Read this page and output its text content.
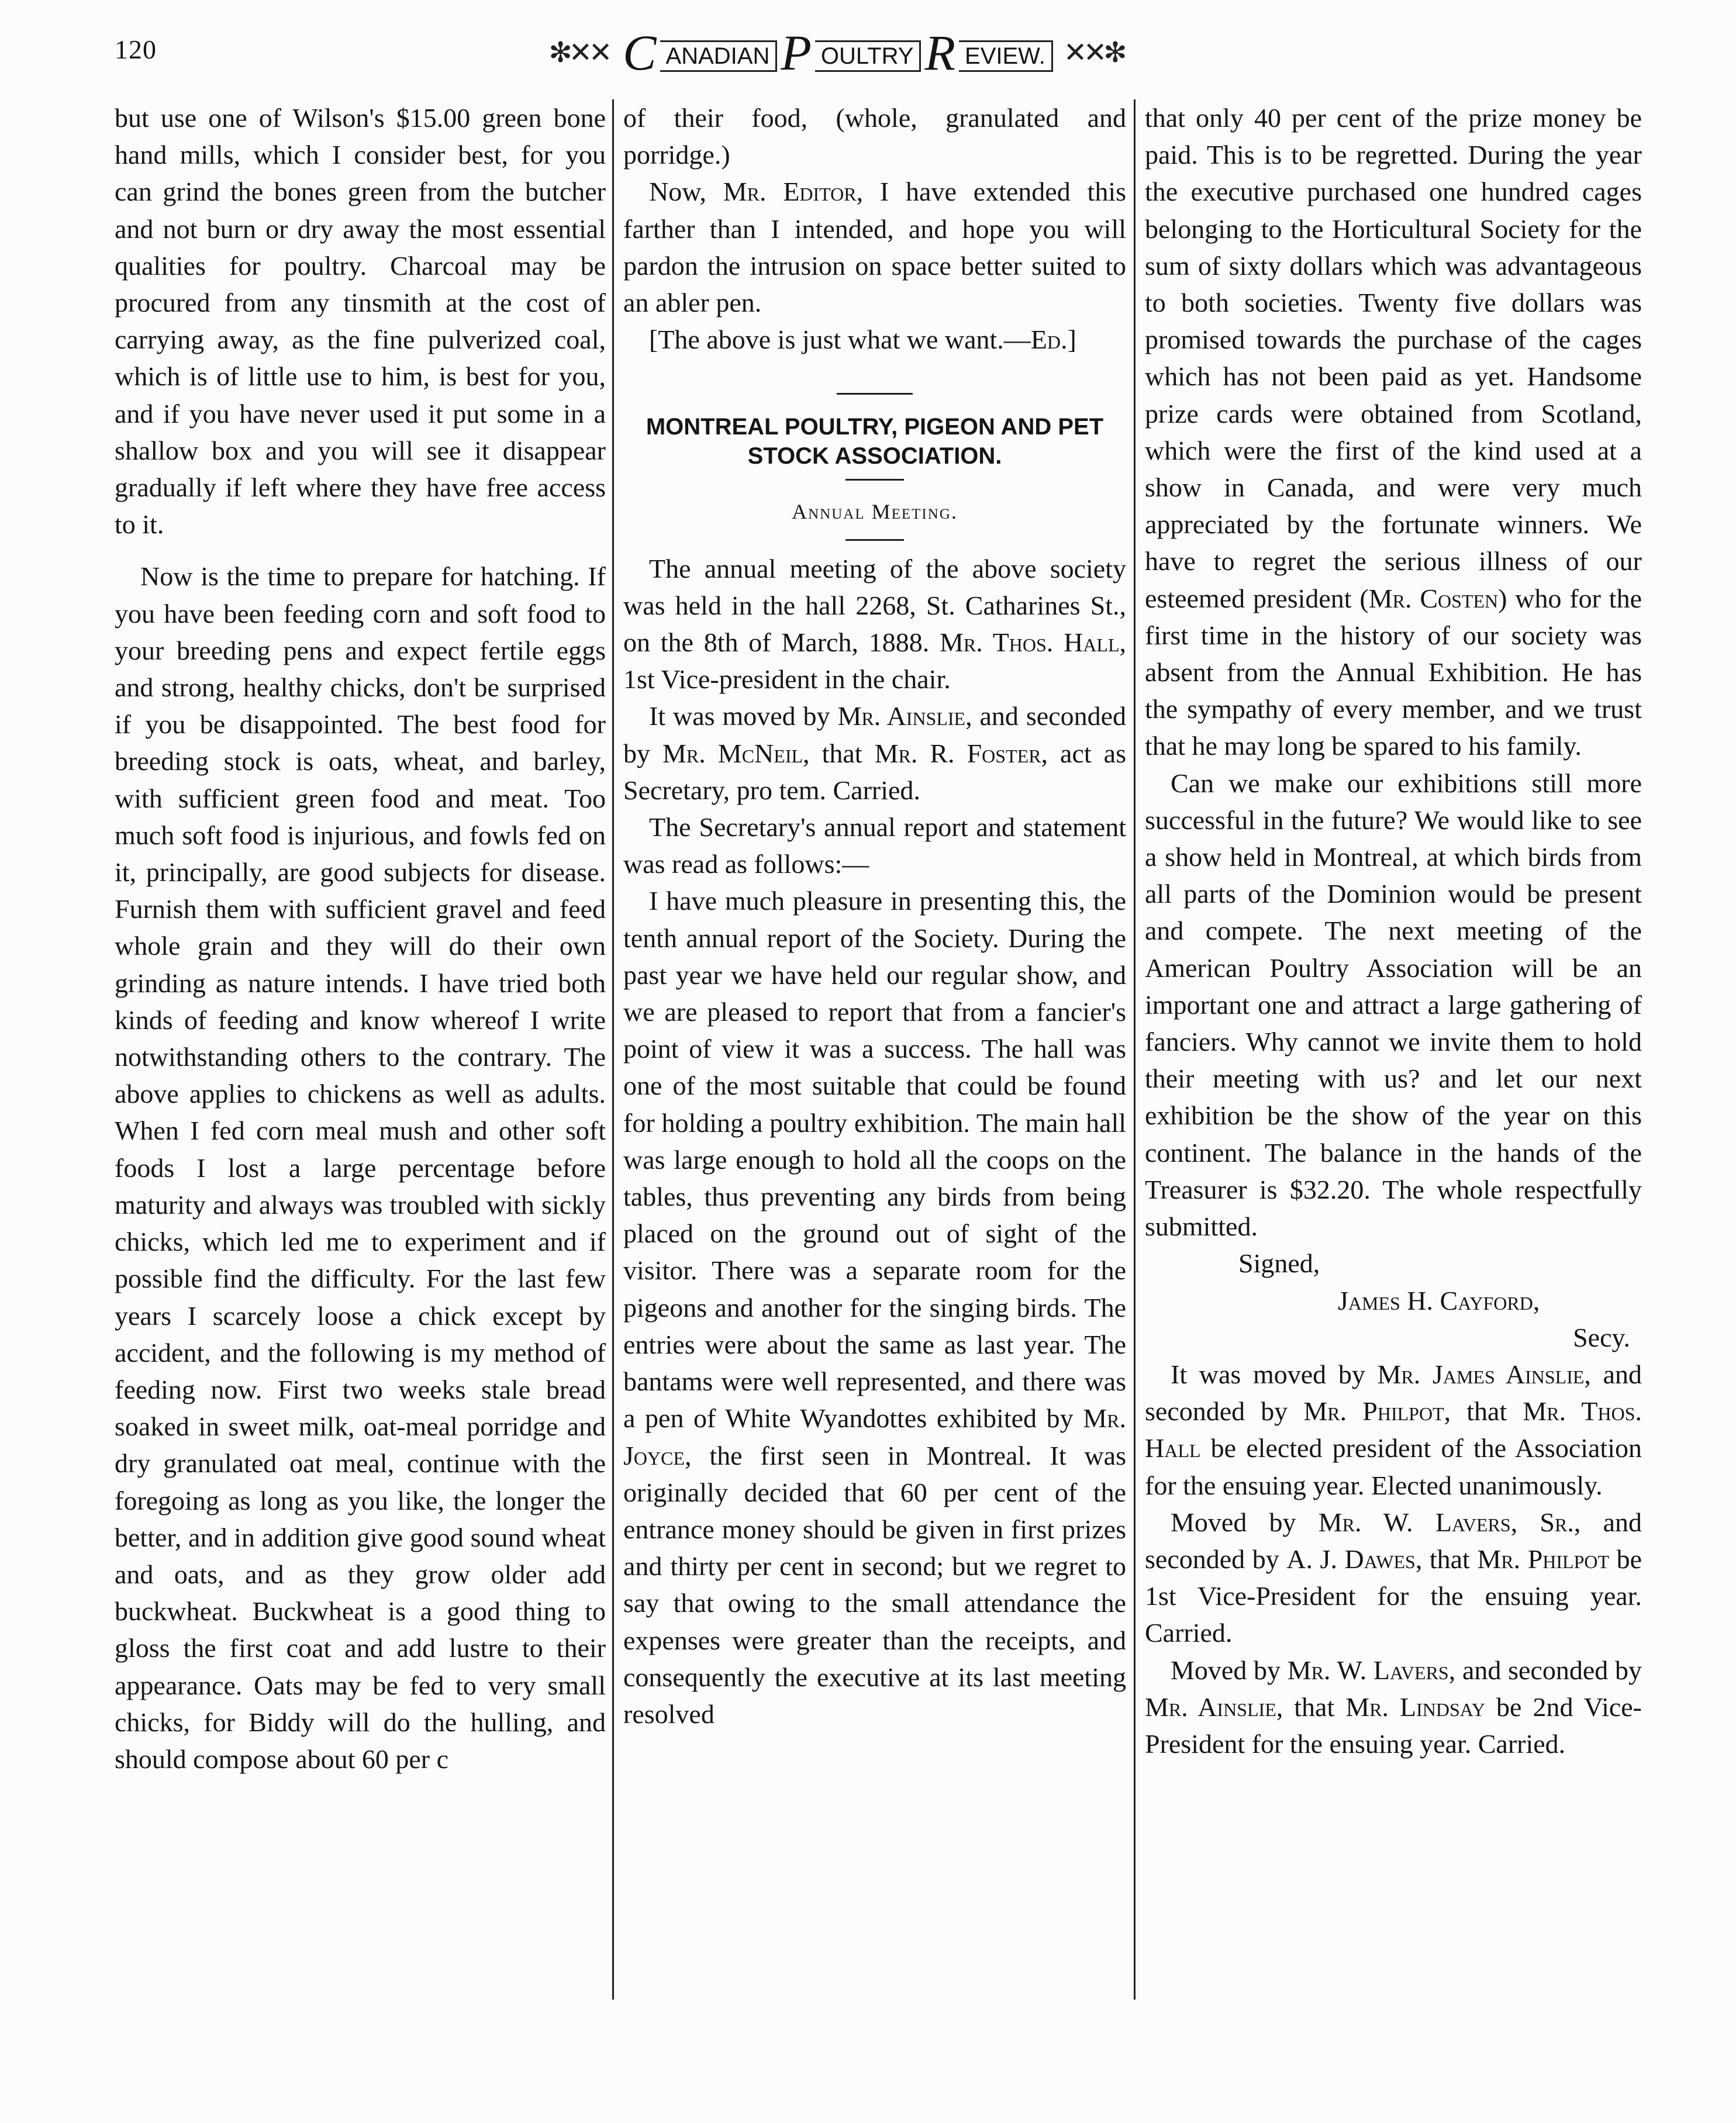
120	✻✕✕ C ANADIAN P OULTRY R EVIEW. ✕✕✻

but use one of Wilson's $15.00 green bone hand mills, which I consider best, for you can grind the bones green from the butcher and not burn or dry away the most essential qualities for poultry. Charcoal may be procured from any tinsmith at the cost of carrying away, as the fine pulverized coal, which is of little use to him, is best for you, and if you have never used it put some in a shallow box and you will see it disappear gradually if left where they have free access to it.

Now is the time to prepare for hatching. If you have been feeding corn and soft food to your breeding pens and expect fertile eggs and strong, healthy chicks, don't be surprised if you be disappointed. The best food for breeding stock is oats, wheat, and barley, with sufficient green food and meat. Too much soft food is injurious, and fowls fed on it, principally, are good subjects for disease. Furnish them with sufficient gravel and feed whole grain and they will do their own grinding as nature intends. I have tried both kinds of feeding and know whereof I write notwithstanding others to the contrary. The above applies to chickens as well as adults. When I fed corn meal mush and other soft foods I lost a large percentage before maturity and always was troubled with sickly chicks, which led me to experiment and if possible find the difficulty. For the last few years I scarcely loose a chick except by accident, and the following is my method of feeding now. First two weeks stale bread soaked in sweet milk, oat-meal porridge and dry granulated oat meal, continue with the foregoing as long as you like, the longer the better, and in addition give good sound wheat and oats, and as they grow older add buckwheat. Buckwheat is a good thing to gloss the first coat and add lustre to their appearance. Oats may be fed to very small chicks, for Biddy will do the hulling, and should compose about 60 per c

of their food, (whole, granulated and porridge.)

Now, Mr. Editor, I have extended this farther than I intended, and hope you will pardon the intrusion on space better suited to an abler pen.

[The above is just what we want.—Ed.]

MONTREAL POULTRY, PIGEON AND PET STOCK ASSOCIATION.

Annual Meeting.

The annual meeting of the above society was held in the hall 2268, St. Catharines St., on the 8th of March, 1888. Mr. Thos. Hall, 1st Vice-president in the chair.

It was moved by Mr. Ainslie, and seconded by Mr. McNeil, that Mr. R. Foster, act as Secretary, pro tem. Carried.

The Secretary's annual report and statement was read as follows:—

I have much pleasure in presenting this, the tenth annual report of the Society. During the past year we have held our regular show, and we are pleased to report that from a fancier's point of view it was a success. The hall was one of the most suitable that could be found for holding a poultry exhibition. The main hall was large enough to hold all the coops on the tables, thus preventing any birds from being placed on the ground out of sight of the visitor. There was a separate room for the pigeons and another for the singing birds. The entries were about the same as last year. The bantams were well represented, and there was a pen of White Wyandottes exhibited by Mr. Joyce, the first seen in Montreal. It was originally decided that 60 per cent of the entrance money should be given in first prizes and thirty per cent in second; but we regret to say that owing to the small attendance the expenses were greater than the receipts, and consequently the executive at its last meeting resolved

that only 40 per cent of the prize money be paid. This is to be regretted. During the year the executive purchased one hundred cages belonging to the Horticultural Society for the sum of sixty dollars which was advantageous to both societies. Twenty five dollars was promised towards the purchase of the cages which has not been paid as yet. Handsome prize cards were obtained from Scotland, which were the first of the kind used at a show in Canada, and were very much appreciated by the fortunate winners. We have to regret the serious illness of our esteemed president (Mr. Costen) who for the first time in the history of our society was absent from the Annual Exhibition. He has the sympathy of every member, and we trust that he may long be spared to his family.

Can we make our exhibitions still more successful in the future? We would like to see a show held in Montreal, at which birds from all parts of the Dominion would be present and compete. The next meeting of the American Poultry Association will be an important one and attract a large gathering of fanciers. Why cannot we invite them to hold their meeting with us? and let our next exhibition be the show of the year on this continent. The balance in the hands of the Treasurer is $32.20. The whole respectfully submitted.

Signed,

James H. Cayford,

Secy.

It was moved by Mr. James Ainslie, and seconded by Mr. Philpot, that Mr. Thos. Hall be elected president of the Association for the ensuing year. Elected unanimously.

Moved by Mr. W. Lavers, Sr., and seconded by A. J. Dawes, that Mr. Philpot be 1st Vice-President for the ensuing year. Carried.

Moved by Mr. W. Lavers, and seconded by Mr. Ainslie, that Mr. Lindsay be 2nd Vice-President for the ensuing year. Carried.
